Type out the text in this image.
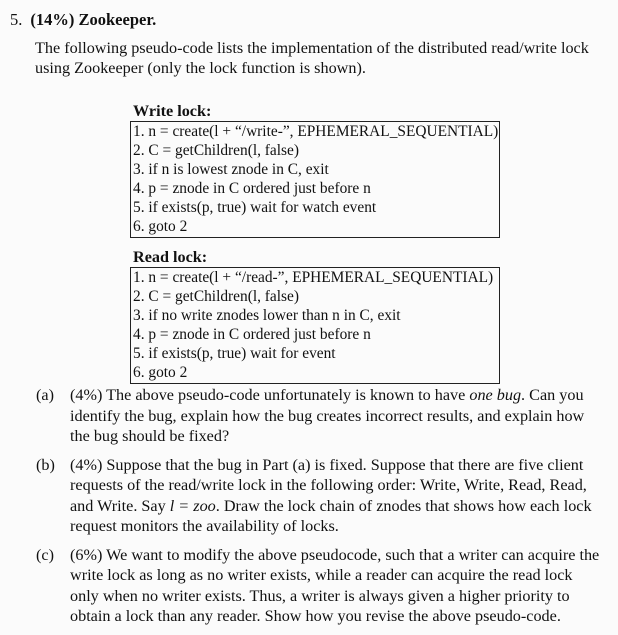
5. (14%) Zookeeper.
The following pseudo-code lists the implementation of the distributed read/write lock using Zookeeper (only the lock function is shown).
Write lock:
1. n = create(l + “/write-”, EPHEMERAL_SEQUENTIAL)
2. C = getChildren(l, false)
3. if n is lowest znode in C, exit
4. p = znode in C ordered just before n
5. if exists(p, true) wait for watch event
6. goto 2
Read lock:
1. n = create(l + “/read-”, EPHEMERAL_SEQUENTIAL)
2. C = getChildren(l, false)
3. if no write znodes lower than n in C, exit
4. p = znode in C ordered just before n
5. if exists(p, true) wait for event
6. goto 2
(a) (4%) The above pseudo-code unfortunately is known to have one bug. Can you identify the bug, explain how the bug creates incorrect results, and explain how the bug should be fixed?
(b) (4%) Suppose that the bug in Part (a) is fixed. Suppose that there are five client requests of the read/write lock in the following order: Write, Write, Read, Read, and Write. Say l = zoo. Draw the lock chain of znodes that shows how each lock request monitors the availability of locks.
(c) (6%) We want to modify the above pseudocode, such that a writer can acquire the write lock as long as no writer exists, while a reader can acquire the read lock only when no writer exists. Thus, a writer is always given a higher priority to obtain a lock than any reader. Show how you revise the above pseudo-code.
